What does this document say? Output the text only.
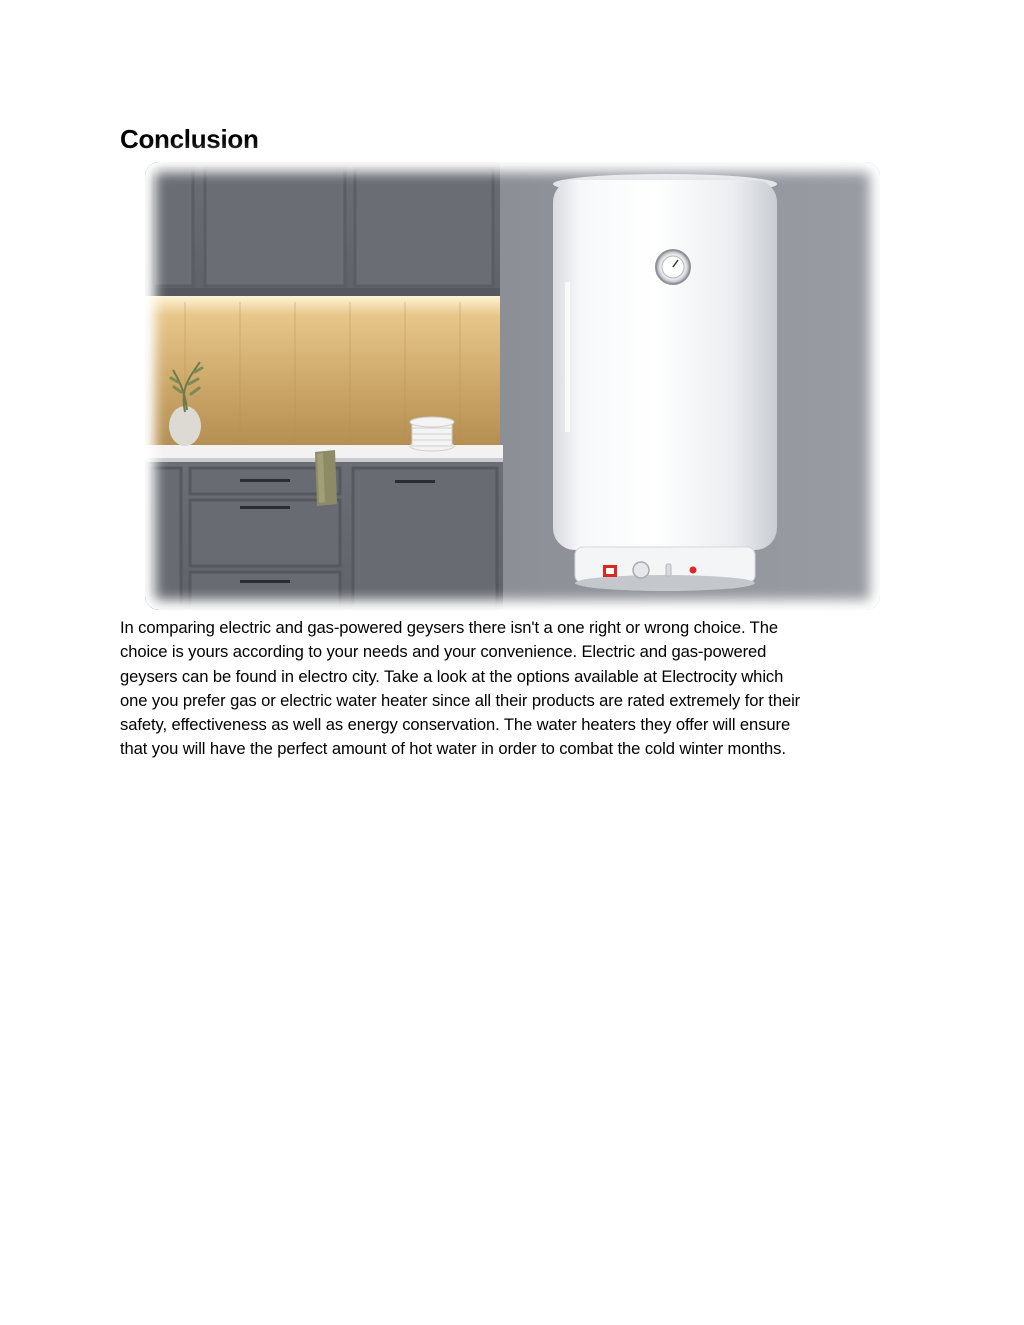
Conclusion
In comparing electric and gas-powered geysers there isn't a one right or wrong choice. The
choice is yours according to your needs and your convenience. Electric and gas-powered
geysers can be found in electro city. Take a look at the options available at Electrocity which
one you prefer gas or electric water heater since all their products are rated extremely for their
safety, effectiveness as well as energy conservation. The water heaters they offer will ensure
that you will have the perfect amount of hot water in order to combat the cold winter months.
